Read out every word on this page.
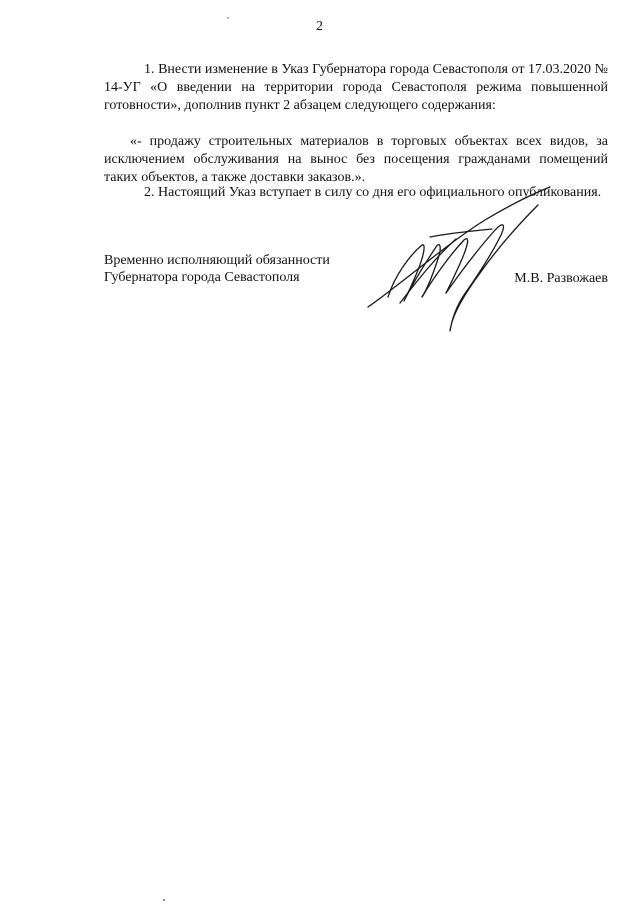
2

1. Внести изменение в Указ Губернатора города Севастополя от 17.03.2020 № 14-УГ «О введении на территории города Севастополя режима повышенной готовности», дополнив пункт 2 абзацем следующего содержания:

«- продажу строительных материалов в торговых объектах всех видов, за исключением обслуживания на вынос без посещения гражданами помещений таких объектов, а также доставки заказов.».

2. Настоящий Указ вступает в силу со дня его официального опубликования.

Временно исполняющий обязанности
Губернатора города Севастополя	М.В. Развожаев
